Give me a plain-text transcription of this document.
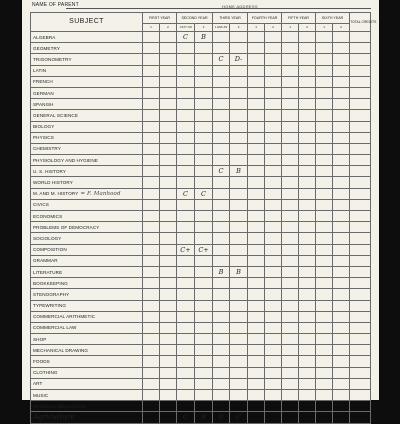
NAME OF PARENT	HOME ADDRESS
SUBJECT	FIRST YEAR		SECOND YEAR		THIRD YEAR		FOURTH YEAR		FIFTH YEAR		SIXTH YEAR		TOTAL CREDITS
	1	2	1937-38	2	1938-39	2	1	2	1	2	1	2	
ALGEBRA			C	B									
GEOMETRY													
TRIGONOMETRY					C	D-							
LATIN													
FRENCH													
GERMAN													
SPANISH													
GENERAL SCIENCE													
BIOLOGY													
PHYSICS													
CHEMISTRY													
PHYSIOLOGY AND HYGIENE													
U. S. HISTORY					C	B							
WORLD HISTORY													
M. AND M. HISTORY = F. Manhood			C	C									
CIVICS													
ECONOMICS													
PROBLEMS OF DEMOCRACY													
SOCIOLOGY													
COMPOSITION			C+	C+									
GRAMMAR													
LITERATURE					B	B							
BOOKKEEPING													
STENOGRAPHY													
TYPEWRITING													
COMMERCIAL ARITHMETIC													
COMMERCIAL LAW													
SHOP													
MECHANICAL DRAWING													
FOODS													
CLOTHING													
ART													
MUSIC													
PHYSICAL EDUCATION													
Agriculture			C	B	B	C							
